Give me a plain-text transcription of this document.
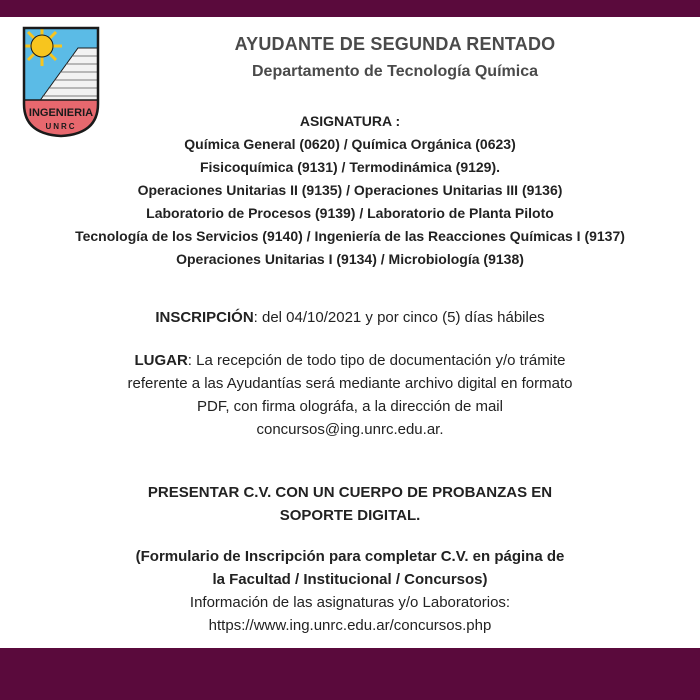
INGENIERIA
UNRC
AYUDANTE DE SEGUNDA RENTADO
Departamento de Tecnología Química
ASIGNATURA :
Química General (0620) / Química Orgánica (0623)
Fisicoquímica (9131) / Termodinámica (9129).
Operaciones Unitarias II (9135) / Operaciones Unitarias III (9136)
Laboratorio de Procesos (9139) / Laboratorio de Planta Piloto
Tecnología de los Servicios (9140) / Ingeniería de las Reacciones Químicas I (9137)
Operaciones Unitarias I (9134) / Microbiología (9138)
INSCRIPCIÓN: del 04/10/2021 y por cinco (5) días hábiles
LUGAR: La recepción de todo tipo de documentación y/o trámite
referente a las Ayudantías será mediante archivo digital en formato
PDF, con firma olográfa, a la dirección de mail
concursos@ing.unrc.edu.ar.
PRESENTAR C.V. CON UN CUERPO DE PROBANZAS EN
SOPORTE DIGITAL.
(Formulario de Inscripción para completar C.V. en página de
la Facultad / Institucional / Concursos)
Información de las asignaturas y/o Laboratorios:
https://www.ing.unrc.edu.ar/concursos.php
